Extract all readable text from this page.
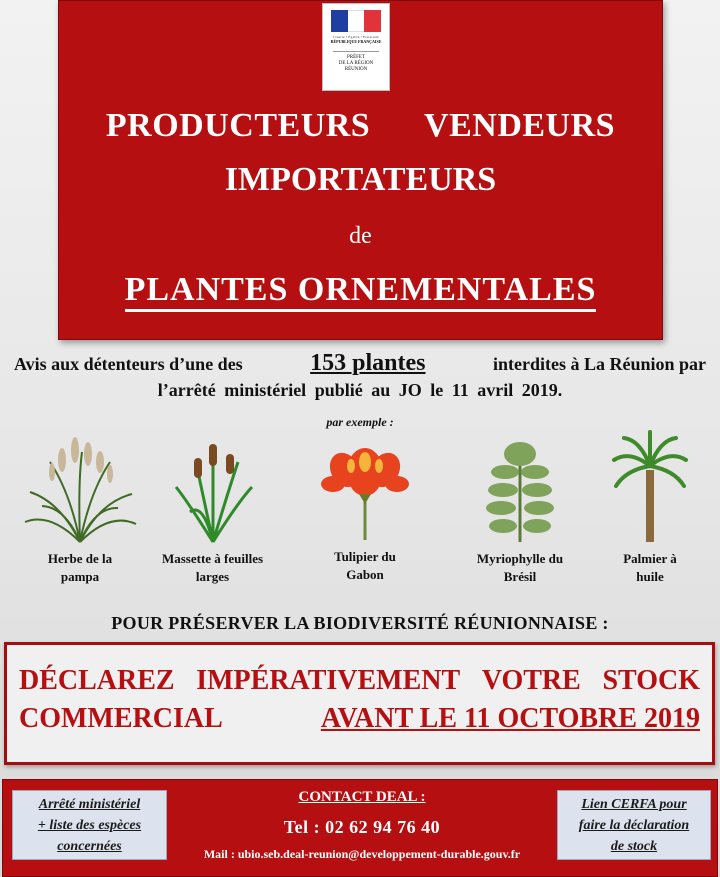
Liberté • Égalité • Fraternité
RÉPUBLIQUE FRANÇAISE
PRÉFET
DE LA RÉGION
RÉUNION
PRODUCTEURS VENDEURS
IMPORTATEURS
de
PLANTES ORNEMENTALES
Avis aux détenteurs d’une des	153 plantes	interdites à La Réunion par
l’arrêté ministériel publié au JO le 11 avril 2019.
par exemple :
Herbe de la
pampa
Massette à feuilles
larges
Tulipier du
Gabon
Myriophylle du
Brésil
Palmier à
huile
POUR PRÉSERVER LA BIODIVERSITÉ RÉUNIONNAISE :
DÉCLAREZ IMPÉRATIVEMENT VOTRE STOCK
COMMERCIAL	AVANT LE 11 OCTOBRE 2019
Arrêté ministériel
+ liste des espèces
concernées
CONTACT DEAL :
Tel : 02 62 94 76 40
Mail : ubio.seb.deal-reunion@developpement-durable.gouv.fr
Lien CERFA pour
faire la déclaration
de stock
